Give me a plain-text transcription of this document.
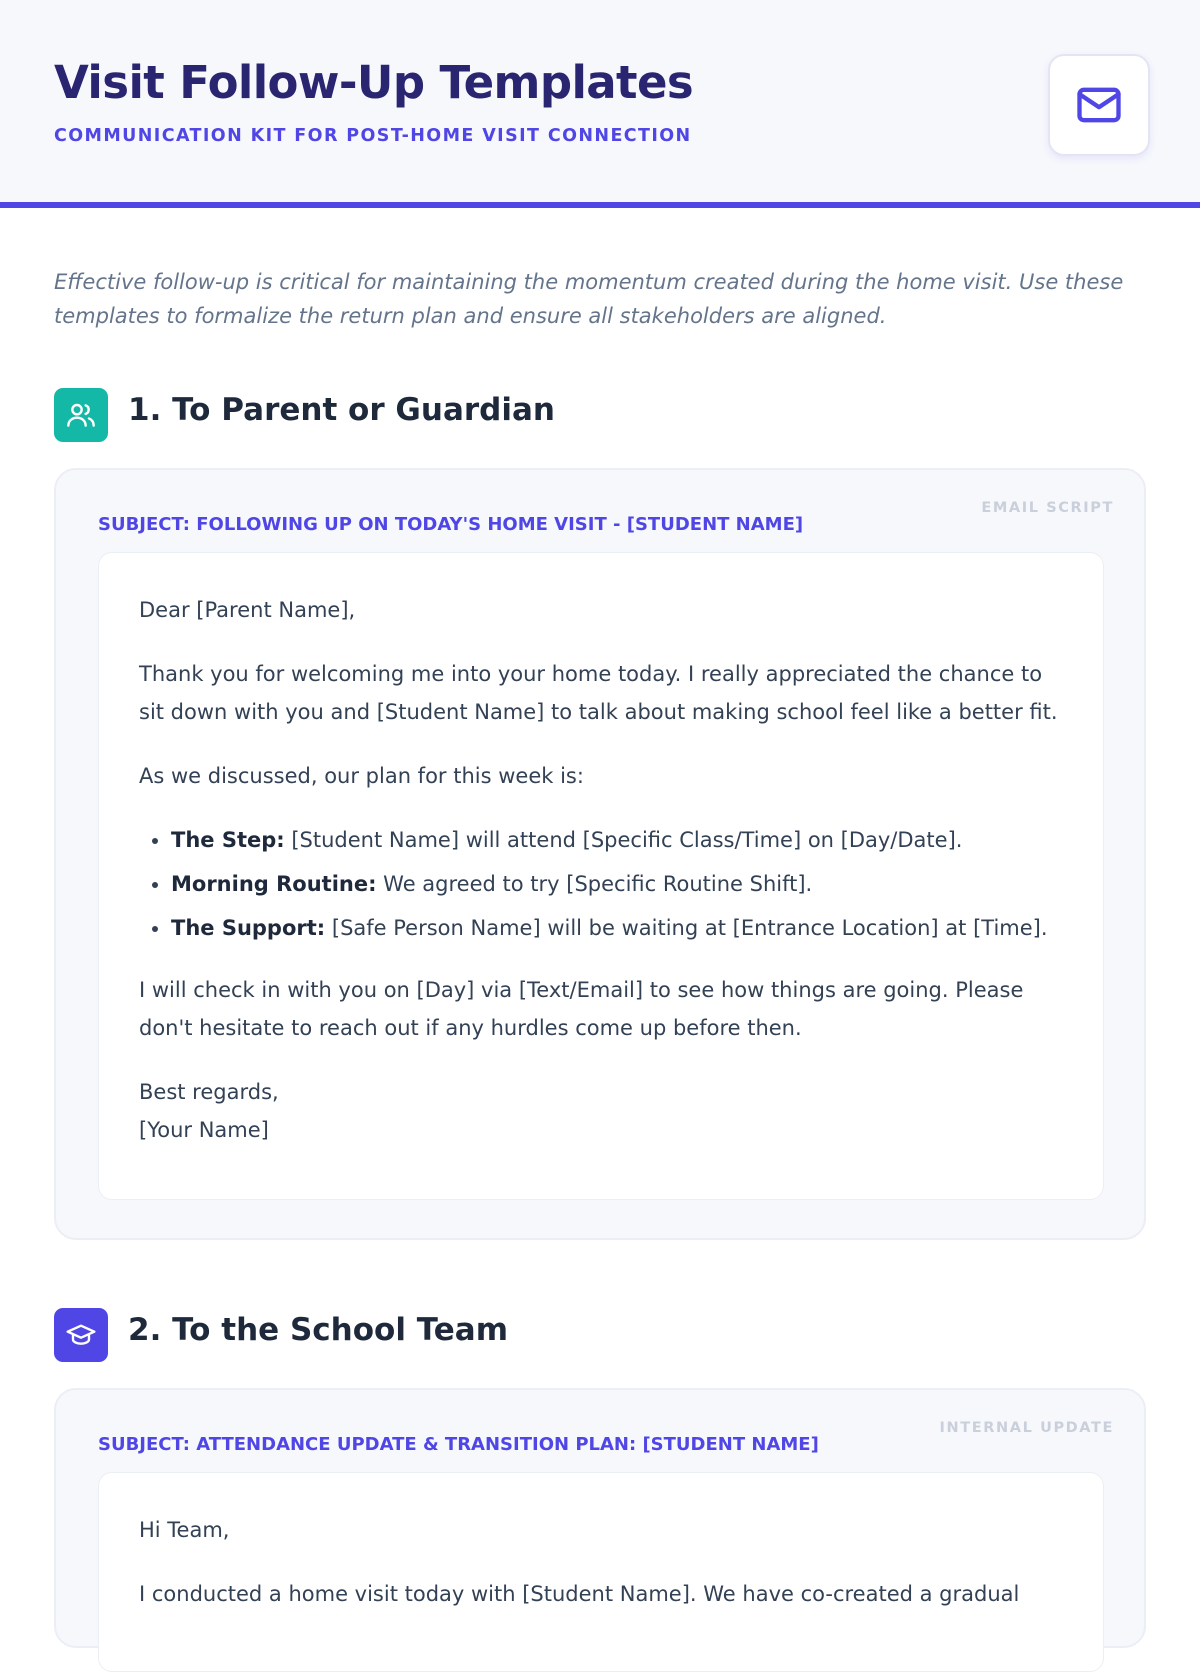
Visit Follow-Up Templates
COMMUNICATION KIT FOR POST-HOME VISIT CONNECTION
Effective follow-up is critical for maintaining the momentum created during the home visit. Use these templates to formalize the return plan and ensure all stakeholders are aligned.
1. To Parent or Guardian
EMAIL SCRIPT
SUBJECT: FOLLOWING UP ON TODAY'S HOME VISIT - [STUDENT NAME]

Dear [Parent Name],

Thank you for welcoming me into your home today. I really appreciated the chance to sit down with you and [Student Name] to talk about making school feel like a better fit.

As we discussed, our plan for this week is:

• The Step: [Student Name] will attend [Specific Class/Time] on [Day/Date].
• Morning Routine: We agreed to try [Specific Routine Shift].
• The Support: [Safe Person Name] will be waiting at [Entrance Location] at [Time].

I will check in with you on [Day] via [Text/Email] to see how things are going. Please don't hesitate to reach out if any hurdles come up before then.

Best regards,
[Your Name]

2. To the School Team
INTERNAL UPDATE
SUBJECT: ATTENDANCE UPDATE & TRANSITION PLAN: [STUDENT NAME]

Hi Team,

I conducted a home visit today with [Student Name]. We have co-created a gradual
